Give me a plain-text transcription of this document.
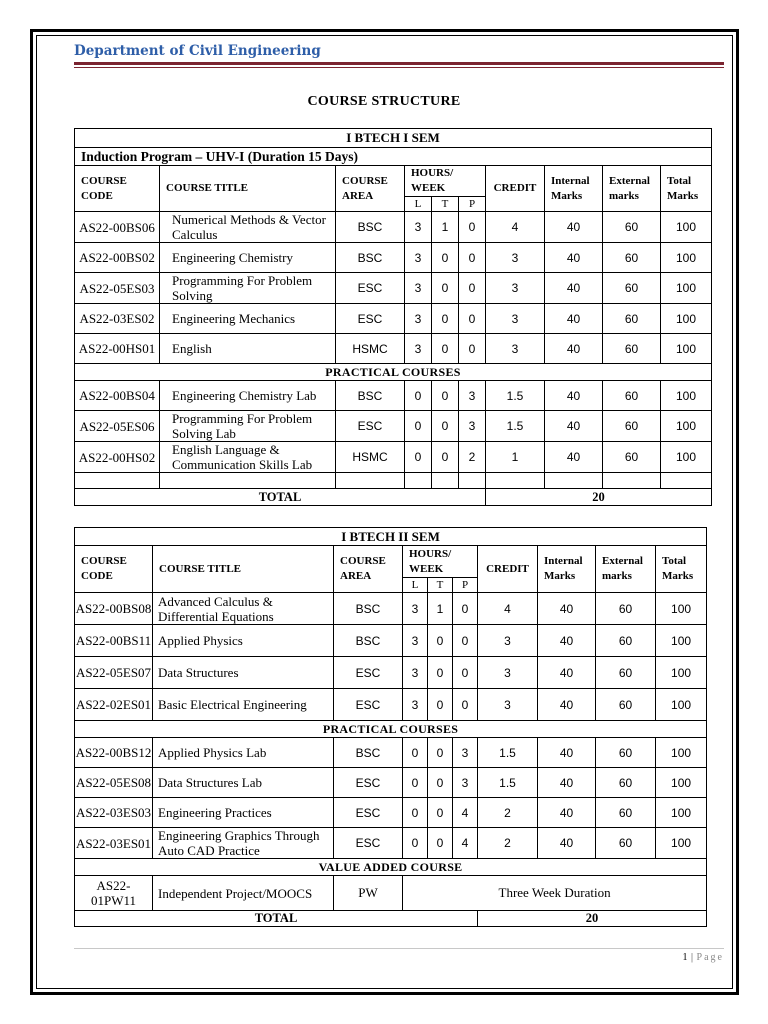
Department of Civil Engineering
COURSE STRUCTURE
I BTECH I SEM									
Induction Program – UHV-I (Duration 15 Days)									
COURSE CODE	COURSE TITLE	COURSE AREA	HOURS/ WEEK			CREDIT	Internal Marks	External marks	Total Marks
			L	T	P				
AS22-00BS06	Numerical Methods & Vector Calculus	BSC	3	1	0	4	40	60	100
AS22-00BS02	Engineering Chemistry	BSC	3	0	0	3	40	60	100
AS22-05ES03	Programming For Problem Solving	ESC	3	0	0	3	40	60	100
AS22-03ES02	Engineering Mechanics	ESC	3	0	0	3	40	60	100
AS22-00HS01	English	HSMC	3	0	0	3	40	60	100
PRACTICAL COURSES									
AS22-00BS04	Engineering Chemistry Lab	BSC	0	0	3	1.5	40	60	100
AS22-05ES06	Programming For Problem Solving Lab	ESC	0	0	3	1.5	40	60	100
AS22-00HS02	English Language & Communication Skills Lab	HSMC	0	0	2	1	40	60	100

TOTAL						20			
I BTECH II SEM									
COURSE CODE	COURSE TITLE	COURSE AREA	HOURS/ WEEK			CREDIT	Internal Marks	External marks	Total Marks
			L	T	P				
AS22-00BS08	Advanced Calculus & Differential Equations	BSC	3	1	0	4	40	60	100
AS22-00BS11	Applied Physics	BSC	3	0	0	3	40	60	100
AS22-05ES07	Data Structures	ESC	3	0	0	3	40	60	100
AS22-02ES01	Basic Electrical Engineering	ESC	3	0	0	3	40	60	100
PRACTICAL COURSES									
AS22-00BS12	Applied Physics Lab	BSC	0	0	3	1.5	40	60	100
AS22-05ES08	Data Structures Lab	ESC	0	0	3	1.5	40	60	100
AS22-03ES03	Engineering Practices	ESC	0	0	4	2	40	60	100
AS22-03ES01	Engineering Graphics Through Auto CAD Practice	ESC	0	0	4	2	40	60	100
VALUE ADDED COURSE									
AS22-01PW11	Independent Project/MOOCS	PW	Three Week Duration						
TOTAL						20			
1 | Page
